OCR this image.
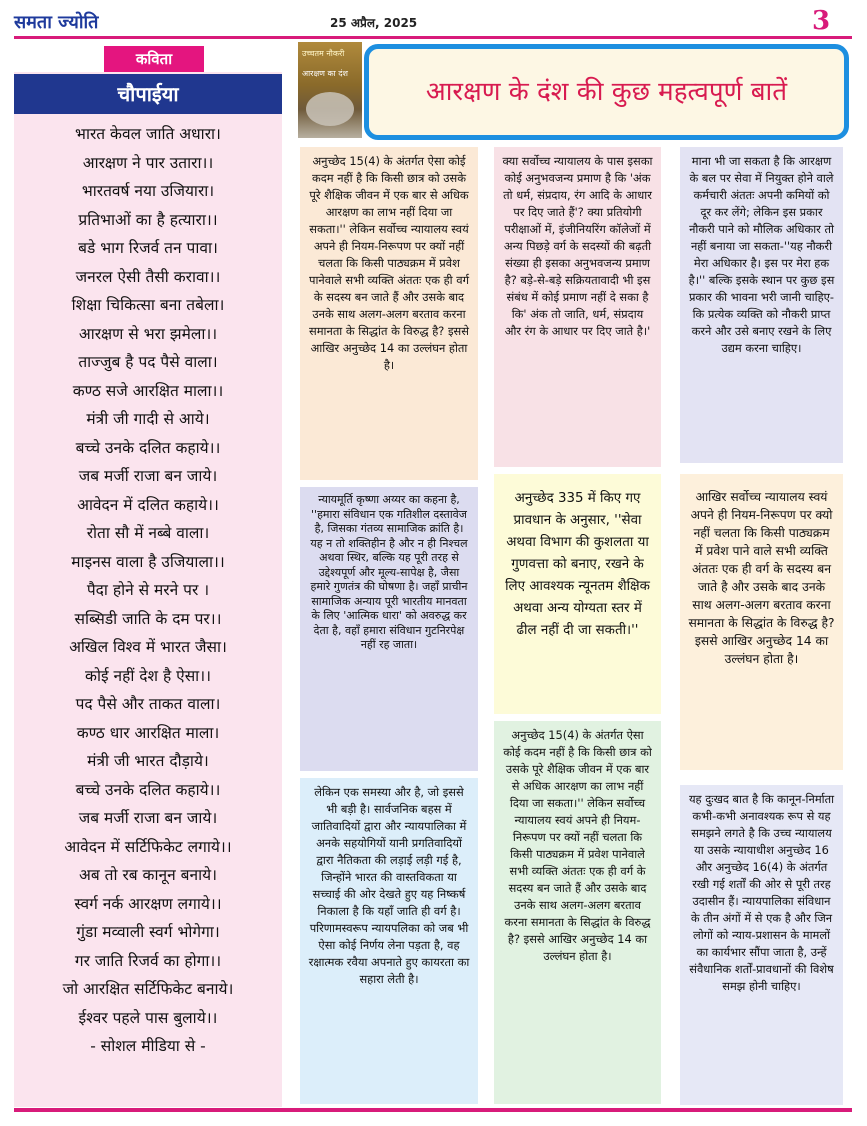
समता ज्योति	25 अप्रैल, 2025	3
कविता
चौपाईया
भारत केवल जाति अधारा।
आरक्षण ने पार उतारा।।
भारतवर्ष नया उजियारा।
प्रतिभाओं का है हत्यारा।।
बडे भाग रिजर्व तन पावा।
जनरल ऐसी तैसी करावा।।
शिक्षा चिकित्सा बना तबेला।
आरक्षण से भरा झमेला।।
ताज्जुब है पद पैसे वाला।
कण्ठ सजे आरक्षित माला।।
मंत्री जी गादी से आये।
बच्चे उनके दलित कहाये।।
जब मर्जी राजा बन जाये।
आवेदन में दलित कहाये।।
रोता सौ में नब्बे वाला।
माइनस वाला है उजियाला।।
पैदा होने से मरने पर ।
सब्सिडी जाति के दम पर।।
अखिल विश्व में भारत जैसा।
कोई नहीं देश है ऐसा।।
पद पैसे और ताकत वाला।
कण्ठ धार आरक्षित माला।
मंत्री जी भारत दौड़ाये।
बच्चे उनके दलित कहाये।।
जब मर्जी राजा बन जाये।
आवेदन में सर्टिफिकेट लगाये।।
अब तो रब कानून बनाये।
स्वर्ग नर्क आरक्षण लगाये।।
गुंडा मव्वाली स्वर्ग भोगेगा।
गर जाति रिजर्व का होगा।।
जो आरक्षित सर्टिफिकेट बनाये।
ईश्वर पहले पास बुलाये।।
- सोशल मीडिया से -
उच्चतम नौकरी
आरक्षण का दंश
आरक्षण के दंश की कुछ महत्वपूर्ण बातें
अनुच्छेद 15(4) के अंतर्गत ऐसा कोई कदम नहीं है कि किसी छात्र को उसके पूरे शैक्षिक जीवन में एक बार से अधिक आरक्षण का लाभ नहीं दिया जा सकता।'' लेकिन सर्वोच्च न्यायालय स्वयं अपने ही नियम-निरूपण पर क्यों नहीं चलता कि किसी पाठ्यक्रम में प्रवेश पानेवाले सभी व्यक्ति अंततः एक ही वर्ग के सदस्य बन जाते हैं और उसके बाद उनके साथ अलग-अलग बरताव करना समानता के सिद्धांत के विरुद्ध है? इससे आखिर अनुच्छेद 14 का उल्लंघन होता है।
न्यायमूर्ति कृष्णा अय्यर का कहना है, ''हमारा संविधान एक गतिशील दस्तावेज है, जिसका गंतव्य सामाजिक क्रांति है। यह न तो शक्तिहीन है और न ही निश्चल अथवा स्थिर, बल्कि यह पूरी तरह से उद्देश्यपूर्ण और मूल्य-सापेक्ष है, जैसा हमारे गुणतंत्र की घोषणा है। जहाँ प्राचीन सामाजिक अन्याय पूरी भारतीय मानवता के लिए 'आत्मिक धारा' को अवरुद्ध कर देता है, वहाँ हमारा संविधान गुटनिरपेक्ष नहीं रह जाता।
लेकिन एक समस्या और है, जो इससे भी बड़ी है। सार्वजनिक बहस में जातिवादियों द्वारा और न्यायपालिका में अनके सहयोगियों यानी प्रगतिवादियों द्वारा नैतिकता की लड़ाई लड़ी गई है, जिन्होंने भारत की वास्तविकता या सच्चाई की ओर देखते हुए यह निष्कर्ष निकाला है कि यहाँ जाति ही वर्ग है। परिणामस्वरूप न्यायपलिका को जब भी ऐसा कोई निर्णय लेना पड़ता है, वह रक्षात्मक रवैया अपनाते हुए कायरता का सहारा लेती है।
क्या सर्वोच्च न्यायालय के पास इसका कोई अनुभवजन्य प्रमाण है कि 'अंक तो धर्म, संप्रदाय, रंग आदि के आधार पर दिए जाते हैं'? क्या प्रतियोगी परीक्षाओं में, इंजीनियरिंग कॉलेजों में अन्य पिछड़े वर्ग के सदस्यों की बढ़ती संख्या ही इसका अनुभवजन्य प्रमाण है? बड़े-से-बड़े सक्रियतावादी भी इस संबंध में कोई प्रमाण नहीं दे सका है कि' अंक तो जाति, धर्म, संप्रदाय और रंग के आधार पर दिए जाते है।'
अनुच्छेद 335 में किए गए प्रावधान के अनुसार, ''सेवा अथवा विभाग की कुशलता या गुणवत्ता को बनाए, रखने के लिए आवश्यक न्यूनतम शैक्षिक अथवा अन्य योग्यता स्तर में ढील नहीं दी जा सकती।''
अनुच्छेद 15(4) के अंतर्गत ऐसा कोई कदम नहीं है कि किसी छात्र को उसके पूरे शैक्षिक जीवन में एक बार से अधिक आरक्षण का लाभ नहीं दिया जा सकता।'' लेकिन सर्वोच्च न्यायालय स्वयं अपने ही नियम-निरूपण पर क्यों नहीं चलता कि किसी पाठ्यक्रम में प्रवेश पानेवाले सभी व्यक्ति अंततः एक ही वर्ग के सदस्य बन जाते हैं और उसके बाद उनके साथ अलग-अलग बरताव करना समानता के सिद्धांत के विरुद्ध है? इससे आखिर अनुच्छेद 14 का उल्लंघन होता है।
माना भी जा सकता है कि आरक्षण के बल पर सेवा में नियुक्त होने वाले कर्मचारी अंततः अपनी कमियों को दूर कर लेंगे; लेकिन इस प्रकार नौकरी पाने को मौलिक अधिकार तो नहीं बनाया जा सकता-''यह नौकरी मेरा अधिकार है। इस पर मेरा हक है।'' बल्कि इसके स्थान पर कुछ इस प्रकार की भावना भरी जानी चाहिए- कि प्रत्येक व्यक्ति को नौकरी प्राप्त करने और उसे बनाए रखने के लिए उद्यम करना चाहिए।
आखिर सर्वोच्च न्यायालय स्वयं अपने ही नियम-निरूपण पर क्यो नहीं चलता कि किसी पाठ्यक्रम में प्रवेश पाने वाले सभी व्यक्ति अंततः एक ही वर्ग के सदस्य बन जाते है और उसके बाद उनके साथ अलग-अलग बरताव करना समानता के सिद्धांत के विरुद्ध है? इससे आखिर अनुच्छेद 14 का उल्लंघन होता है।
यह दुःखद बात है कि कानून-निर्माता कभी-कभी अनावश्यक रूप से यह समझने लगते है कि उच्च न्यायालय या उसके न्यायाधीश अनुच्छेद 16 और अनुच्छेद 16(4) के अंतर्गत रखी गई शर्तों की ओर से पूरी तरह उदासीन हैं। न्यायपालिका संविधान के तीन अंगों में से एक है और जिन लोगों को न्याय-प्रशासन के मामलों का कार्यभार सौंपा जाता है, उन्हें संवैधानिक शर्तों-प्रावधानों की विशेष समझ होनी चाहिए।
